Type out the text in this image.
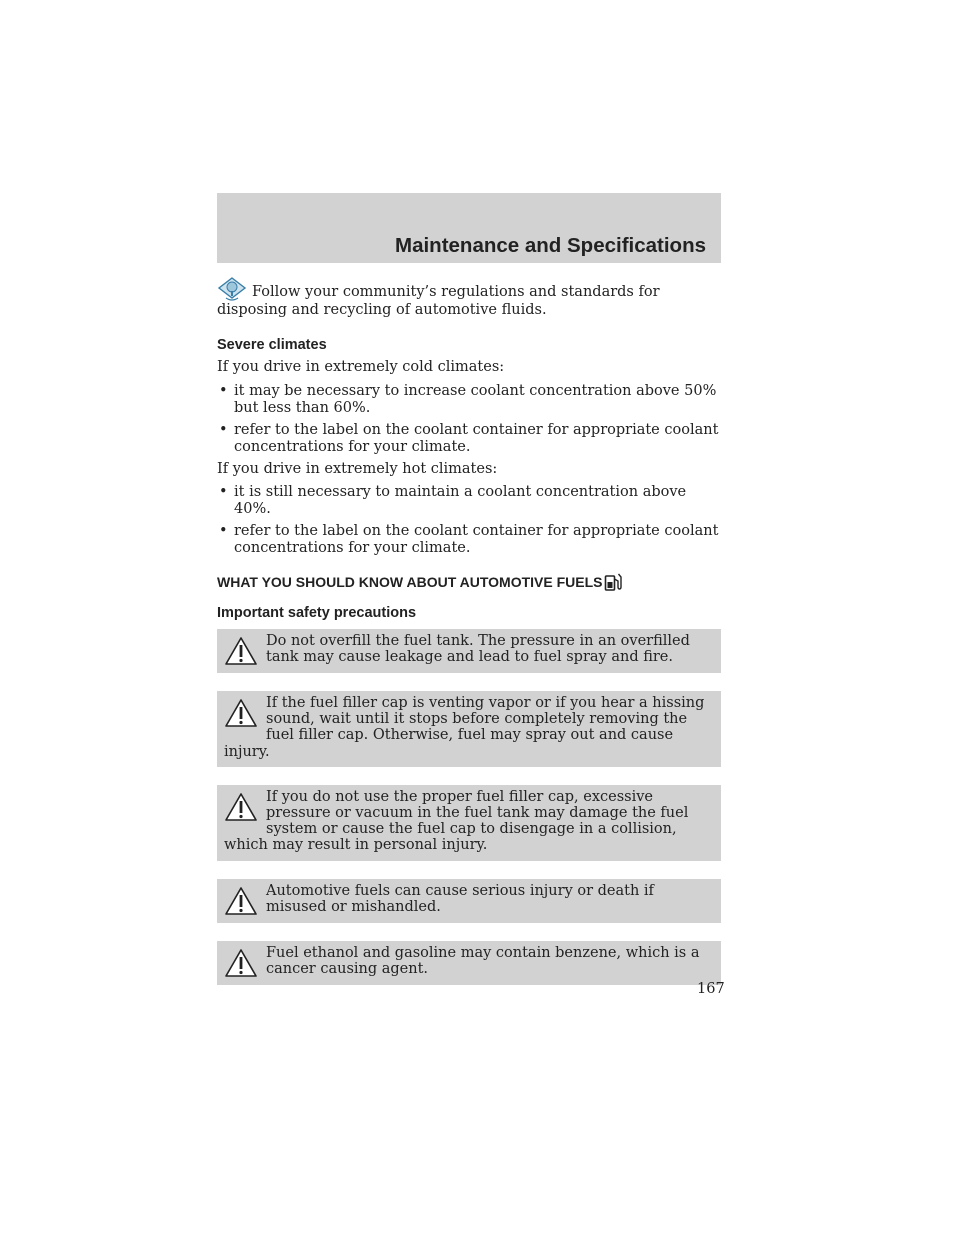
Maintenance and Specifications
Follow your community’s regulations and standards for disposing and recycling of automotive fluids.
Severe climates
If you drive in extremely cold climates:
• it may be necessary to increase coolant concentration above 50% but less than 60%.
• refer to the label on the coolant container for appropriate coolant concentrations for your climate.
If you drive in extremely hot climates:
• it is still necessary to maintain a coolant concentration above 40%.
• refer to the label on the coolant container for appropriate coolant concentrations for your climate.
WHAT YOU SHOULD KNOW ABOUT AUTOMOTIVE FUELS
Important safety precautions
Do not overfill the fuel tank. The pressure in an overfilled tank may cause leakage and lead to fuel spray and fire.
If the fuel filler cap is venting vapor or if you hear a hissing sound, wait until it stops before completely removing the fuel filler cap. Otherwise, fuel may spray out and cause injury.
If you do not use the proper fuel filler cap, excessive pressure or vacuum in the fuel tank may damage the fuel system or cause the fuel cap to disengage in a collision, which may result in personal injury.
Automotive fuels can cause serious injury or death if misused or mishandled.
Fuel ethanol and gasoline may contain benzene, which is a cancer causing agent.
167
